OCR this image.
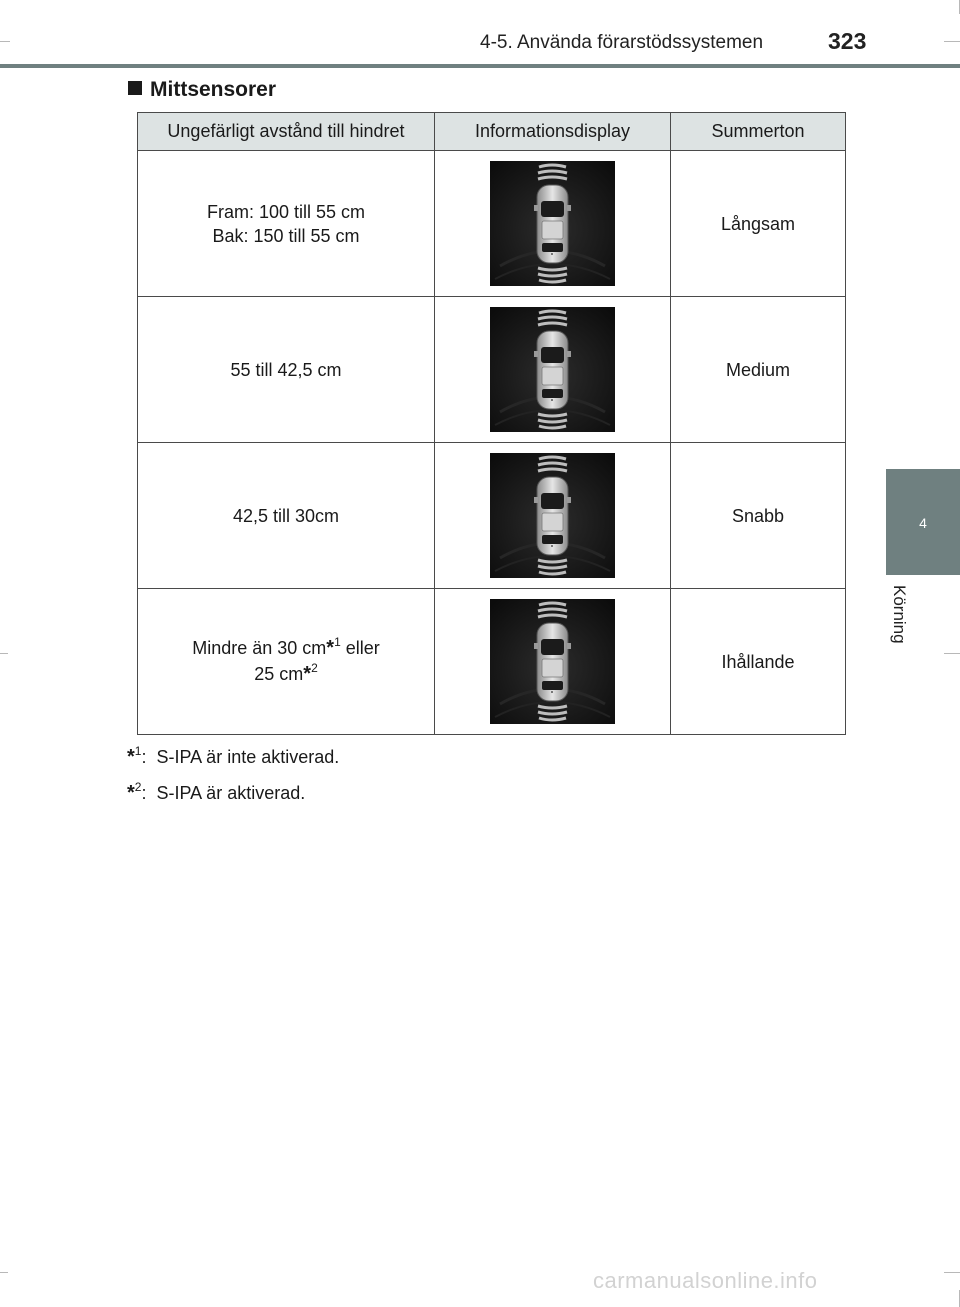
4-5. Använda förarstödssystemen	323
4
Körning
Mittsensorer
Ungefärligt avstånd till hindret	Informationsdisplay	Summerton

Fram: 100 till 55 cm
Bak: 150 till 55 cm		Långsam
55 till 42,5 cm		Medium
42,5 till 30cm		Snabb

Mindre än 30 cm*$^1$ eller
25 cm*$^2$		Ihållande
*$^1$:  S-IPA är inte aktiverad.
*$^2$:  S-IPA är aktiverad.
carmanualsonline.info
